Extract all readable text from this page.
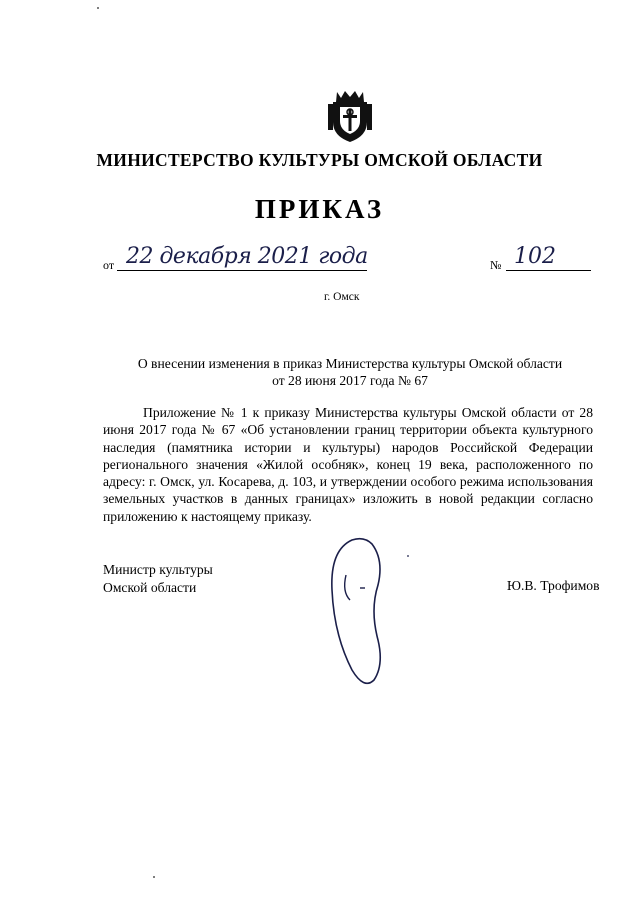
МИНИСТЕРСТВО КУЛЬТУРЫ ОМСКОЙ ОБЛАСТИ
ПРИКАЗ
от 22 декабря 2021 года	№ 102
г. Омск
О внесении изменения в приказ Министерства культуры Омской области
от 28 июня 2017 года № 67
Приложение № 1 к приказу Министерства культуры Омской области от 28 июня 2017 года № 67 «Об установлении границ территории объекта культурного наследия (памятника истории и культуры) народов Российской Федерации регионального значения «Жилой особняк», конец 19 века, расположенного по адресу: г. Омск, ул. Косарева, д. 103, и утверждении особого режима использования земельных участков в данных границах» изложить в новой редакции согласно приложению к настоящему приказу.
Министр культуры
Омской области	Ю.В. Трофимов
